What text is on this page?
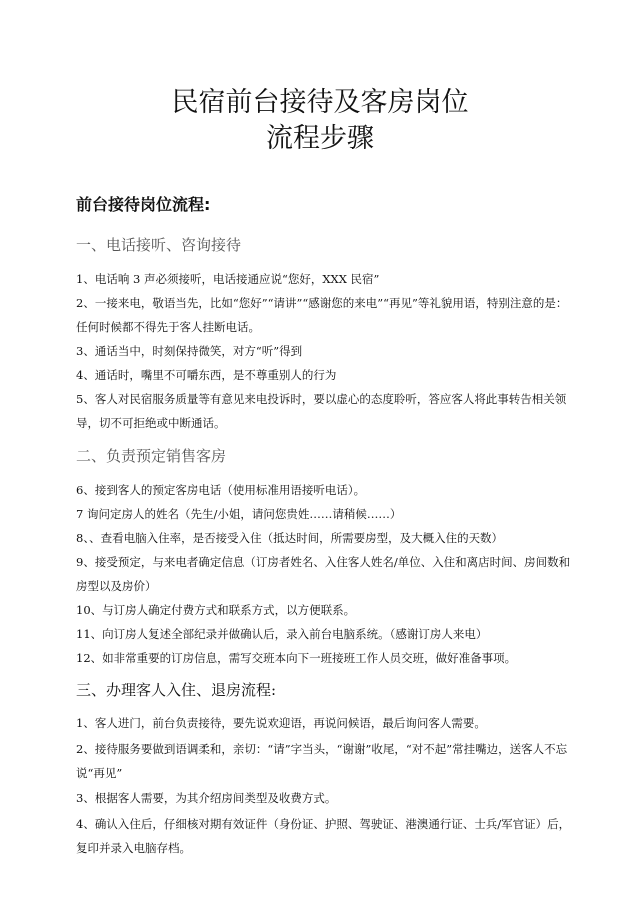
民宿前台接待及客房岗位
流程步骤
前台接待岗位流程:
一、电话接听、咨询接待

1、电话响 3 声必须接听，电话接通应说“您好，XXX 民宿”

2、一接来电，敬语当先，比如“您好”“请讲”“感谢您的来电”“再见”等礼貌用语，特别注意的是：任何时候都不得先于客人挂断电话。

3、通话当中，时刻保持微笑，对方“听”得到

4、通话时，嘴里不可嚼东西，是不尊重别人的行为

5、客人对民宿服务质量等有意见来电投诉时，要以虚心的态度聆听，答应客人将此事转告相关领导，切不可拒绝或中断通话。

二、负责预定销售客房

6、接到客人的预定客房电话（使用标准用语接听电话）。

7 询问定房人的姓名（先生/小姐，请问您贵姓……请稍候……）

8、、查看电脑入住率，是否接受入住（抵达时间，所需要房型，及大概入住的天数）

9、接受预定，与来电者确定信息（订房者姓名、入住客人姓名/单位、入住和离店时间、房间数和房型以及房价）

10、与订房人确定付费方式和联系方式，以方便联系。

11、向订房人复述全部纪录并做确认后，录入前台电脑系统。（感谢订房人来电）

12、如非常重要的订房信息，需写交班本向下一班接班工作人员交班，做好准备事项。

三、办理客人入住、退房流程:

1、客人进门，前台负责接待，要先说欢迎语，再说问候语，最后询问客人需要。

2、接待服务要做到语调柔和，亲切：“请”字当头，“谢谢”收尾，“对不起”常挂嘴边，送客人不忘说“再见”

3、根据客人需要，为其介绍房间类型及收费方式。

4、确认入住后，仔细核对期有效证件（身份证、护照、驾驶证、港澳通行证、士兵/军官证）后，复印并录入电脑存档。
